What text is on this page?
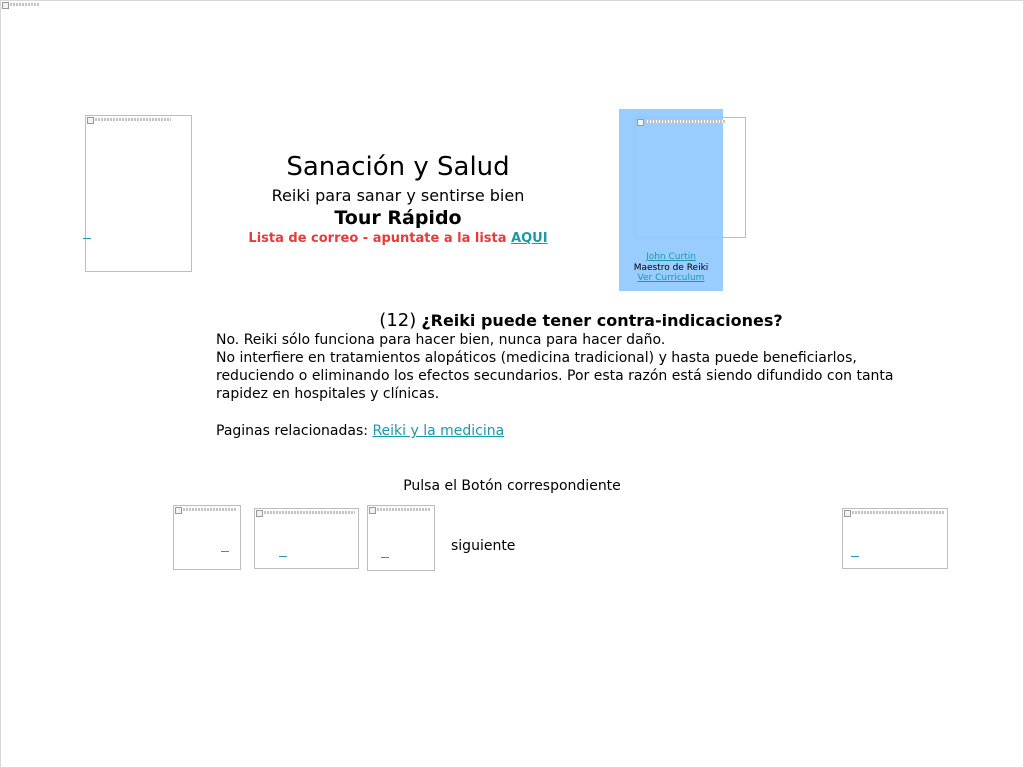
Sanación y Salud
Reiki para sanar y sentirse bien
Tour Rápido
Lista de correo - apuntate a la lista AQUI
John Curtin
Maestro de Reiki
Ver Curriculum
(12) ¿Reiki puede tener contra-indicaciones?
No. Reiki sólo funciona para hacer bien, nunca para hacer daño.
No interfiere en tratamientos alopáticos (medicina tradicional) y hasta puede beneficiarlos, reduciendo o eliminando los efectos secundarios. Por esta razón está siendo difundido con tanta rapidez en hospitales y clínicas.
Paginas relacionadas: Reiki y la medicina
Pulsa el Botón correspondiente
siguiente
